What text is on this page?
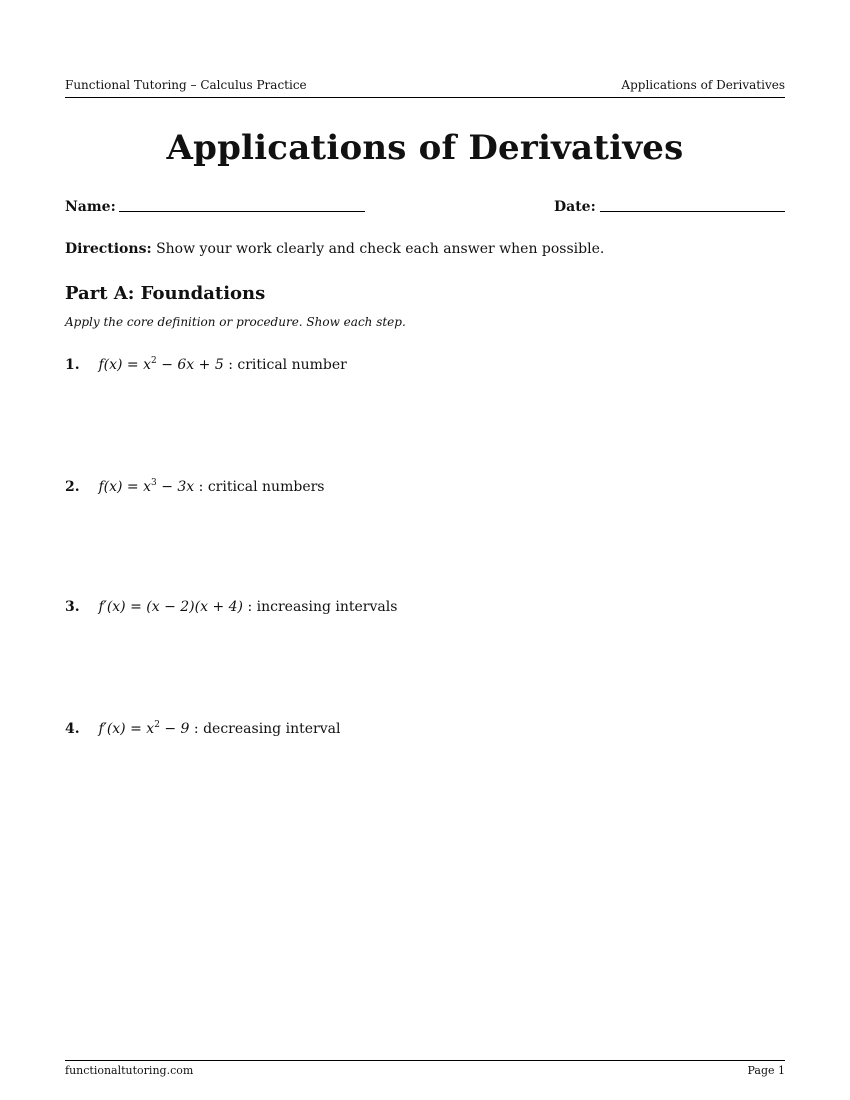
Functional Tutoring – Calculus Practice	Applications of Derivatives
Applications of Derivatives
Name:	Date:
Directions: Show your work clearly and check each answer when possible.
Part A: Foundations
Apply the core definition or procedure. Show each step.
1. $f(x) = x^2 - 6x + 5$ : critical number
2. $f(x) = x^3 - 3x$ : critical numbers
3. f′(x) = (x − 2)(x + 4) : increasing intervals
4. $f'(x) = x^2 - 9$ : decreasing interval
functionaltutoring.com	Page 1
